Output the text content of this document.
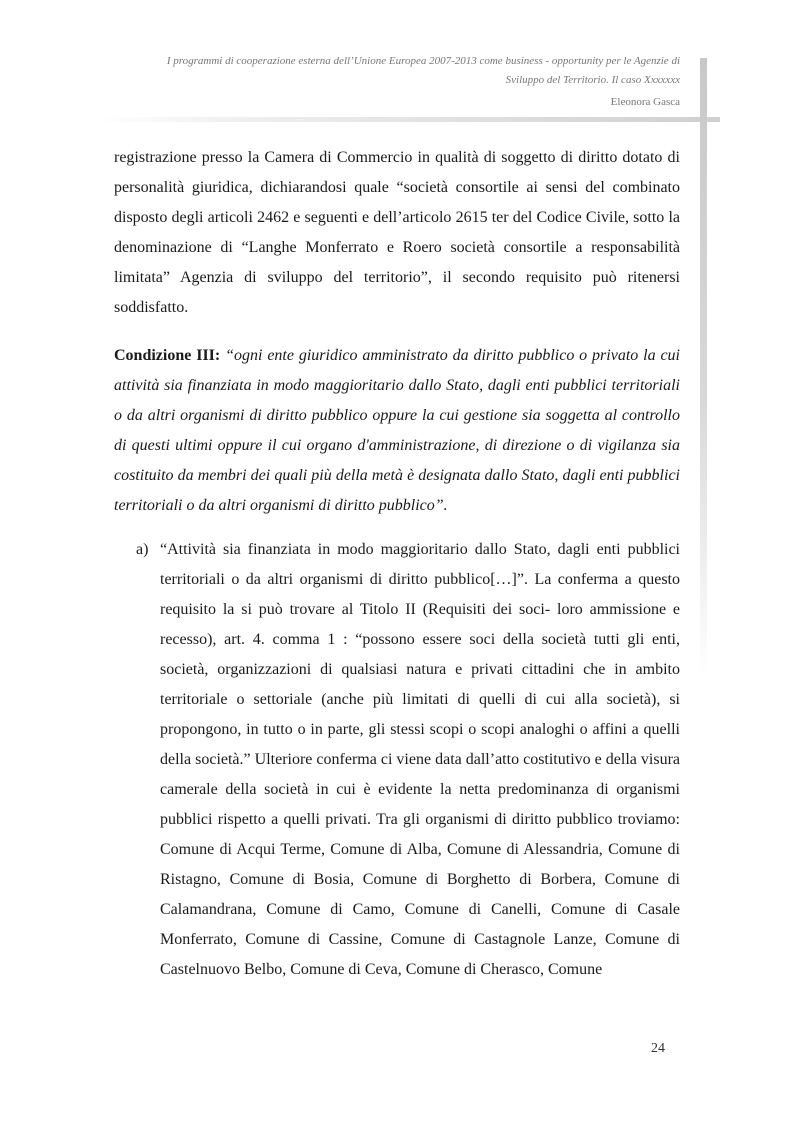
I programmi di cooperazione esterna dell’Unione Europea 2007-2013 come business - opportunity per le Agenzie di
Sviluppo del Territorio. Il caso Xxxxxxx
Eleonora Gasca

registrazione presso la Camera di Commercio in qualità di soggetto di diritto dotato di personalità giuridica, dichiarandosi quale “società consortile ai sensi del combinato disposto degli articoli 2462 e seguenti e dell’articolo 2615 ter del Codice Civile, sotto la denominazione di “Langhe Monferrato e Roero società consortile a responsabilità limitata” Agenzia di sviluppo del territorio”, il secondo requisito può ritenersi soddisfatto.

Condizione III: “ogni ente giuridico amministrato da diritto pubblico o privato la cui attività sia finanziata in modo maggioritario dallo Stato, dagli enti pubblici territoriali o da altri organismi di diritto pubblico oppure la cui gestione sia soggetta al controllo di questi ultimi oppure il cui organo d'amministrazione, di direzione o di vigilanza sia costituito da membri dei quali più della metà è designata dallo Stato, dagli enti pubblici territoriali o da altri organismi di diritto pubblico”.

a) “Attività sia finanziata in modo maggioritario dallo Stato, dagli enti pubblici territoriali o da altri organismi di diritto pubblico[…]”. La conferma a questo requisito la si può trovare al Titolo II (Requisiti dei soci- loro ammissione e recesso), art. 4. comma 1 : “possono essere soci della società tutti gli enti, società, organizzazioni di qualsiasi natura e privati cittadini che in ambito territoriale o settoriale (anche più limitati di quelli di cui alla società), si propongono, in tutto o in parte, gli stessi scopi o scopi analoghi o affini a quelli della società.” Ulteriore conferma ci viene data dall’atto costitutivo e della visura camerale della società in cui è evidente la netta predominanza di organismi pubblici rispetto a quelli privati. Tra gli organismi di diritto pubblico troviamo: Comune di Acqui Terme, Comune di Alba, Comune di Alessandria, Comune di Ristagno, Comune di Bosia, Comune di Borghetto di Borbera, Comune di Calamandrana, Comune di Camo, Comune di Canelli, Comune di Casale Monferrato, Comune di Cassine, Comune di Castagnole Lanze, Comune di Castelnuovo Belbo, Comune di Ceva, Comune di Cherasco, Comune

24
